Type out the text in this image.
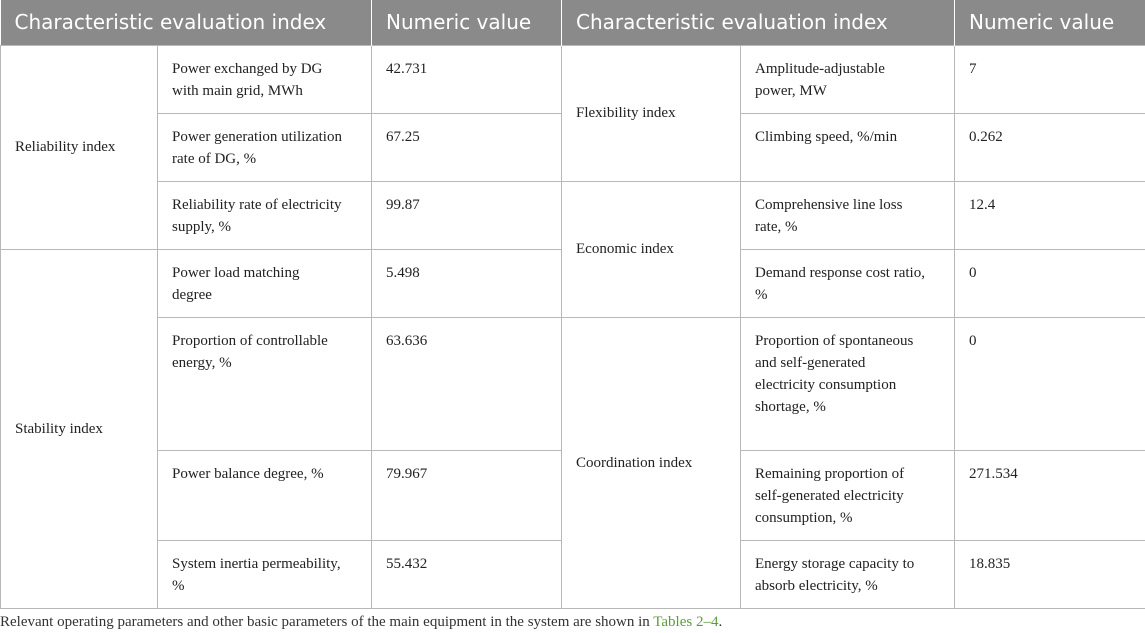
Characteristic evaluation index		Numeric value	Characteristic evaluation index		Numeric value
Reliability index	Power exchanged by DG with main grid, MWh	42.731	Flexibility index	Amplitude-adjustable power, MW	7
	Power generation utilization rate of DG, %	67.25		Climbing speed, %/min	0.262
	Reliability rate of electricity supply, %	99.87	Economic index	Comprehensive line loss rate, %	12.4
Stability index	Power load matching degree	5.498		Demand response cost ratio, %	0
	Proportion of controllable energy, %	63.636	Coordination index	Proportion of spontaneous and self-generated electricity consumption shortage, %	0
	Power balance degree, %	79.967		Remaining proportion of self-generated electricity consumption, %	271.534
	System inertia permeability, %	55.432		Energy storage capacity to absorb electricity, %	18.835
Relevant operating parameters and other basic parameters of the main equipment in the system are shown in Tables 2–4.
